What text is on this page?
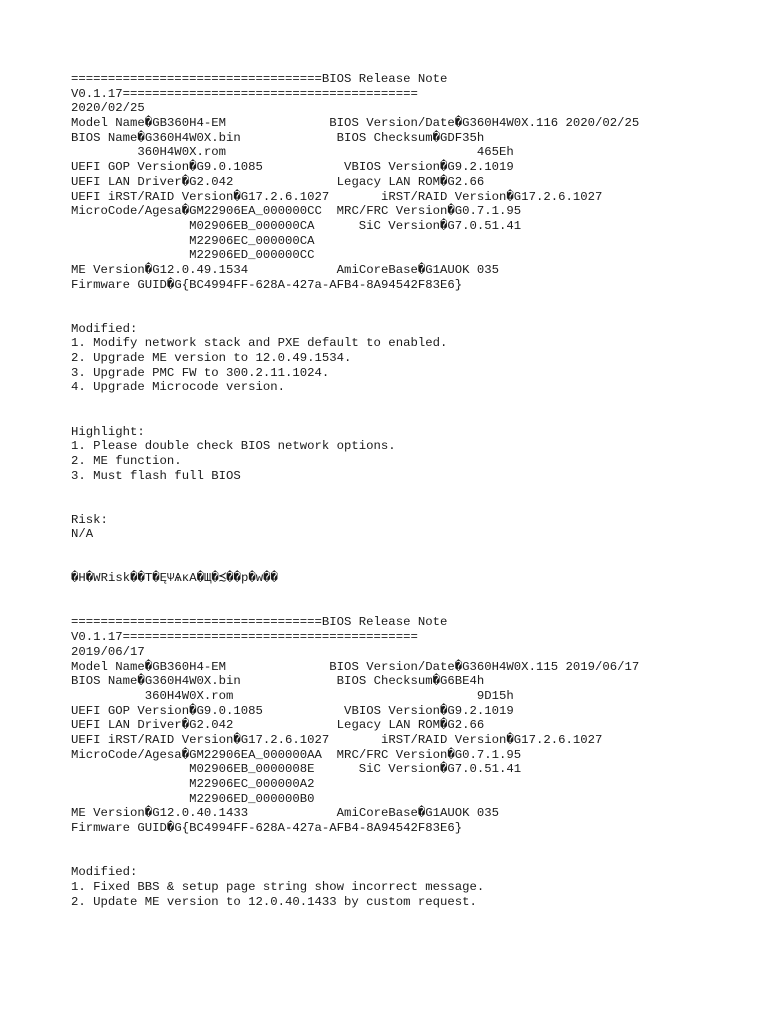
==================================BIOS Release Note
V0.1.17========================================
2020/02/25
Model Name�GB360H4-EM              BIOS Version/Date�G360H4W0X.116 2020/02/25
BIOS Name�G360H4W0X.bin             BIOS Checksum�GDF35h
360H4W0X.rom                                  465Eh
UEFI GOP Version�G9.0.1085           VBIOS Version�G9.2.1019
UEFI LAN Driver�G2.042              Legacy LAN ROM�G2.66
UEFI iRST/RAID Version�G17.2.6.1027       iRST/RAID Version�G17.2.6.1027
MicroCode/Agesa�GM22906EA_000000CC  MRC/FRC Version�G0.7.1.95
M02906EB_000000CA      SiC Version�G7.0.51.41
M22906EC_000000CA
M22906ED_000000CC
ME Version�G12.0.49.1534            AmiCoreBase�G1AUOK 035
Firmware GUID�G{BC4994FF-628A-427a-AFB4-8A94542F83E6}
Modified:
1. Modify network stack and PXE default to enabled.
2. Upgrade ME version to 12.0.49.1534.
3. Upgrade PMC FW to 300.2.11.1024.
4. Upgrade Microcode version.
Highlight:
1. Please double check BIOS network options.
2. ME function.
3. Must flash full BIOS
Risk:
N/A
�H�WRisk��T�ĘΨѦκA�Щ�≾��p�w��
==================================BIOS Release Note
V0.1.17========================================
2019/06/17
Model Name�GB360H4-EM              BIOS Version/Date�G360H4W0X.115 2019/06/17
BIOS Name�G360H4W0X.bin             BIOS Checksum�G6BE4h
360H4W0X.rom                                 9D15h
UEFI GOP Version�G9.0.1085           VBIOS Version�G9.2.1019
UEFI LAN Driver�G2.042              Legacy LAN ROM�G2.66
UEFI iRST/RAID Version�G17.2.6.1027       iRST/RAID Version�G17.2.6.1027
MicroCode/Agesa�GM22906EA_000000AA  MRC/FRC Version�G0.7.1.95
M02906EB_0000008E      SiC Version�G7.0.51.41
M22906EC_000000A2
M22906ED_000000B0
ME Version�G12.0.40.1433            AmiCoreBase�G1AUOK 035
Firmware GUID�G{BC4994FF-628A-427a-AFB4-8A94542F83E6}
Modified:
1. Fixed BBS & setup page string show incorrect message.
2. Update ME version to 12.0.40.1433 by custom request.
